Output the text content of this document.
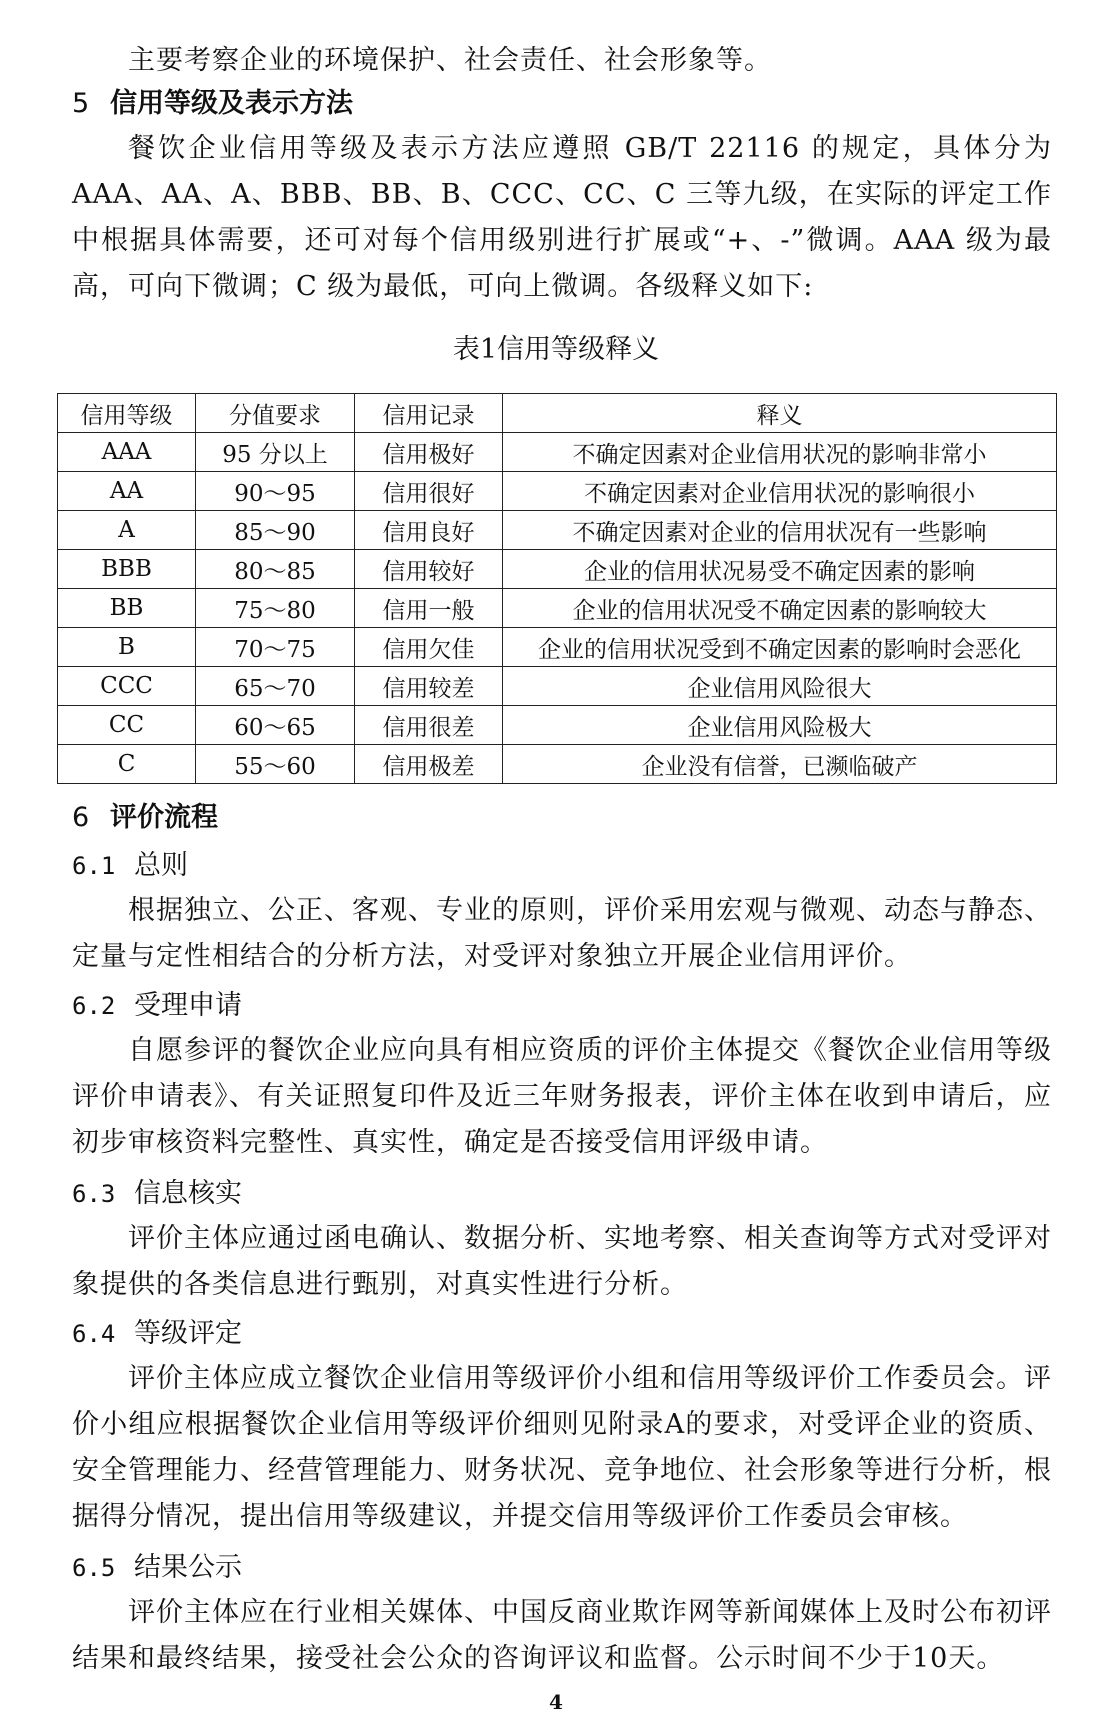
主要考察企业的环境保护、社会责任、社会形象等。

5 信用等级及表示方法

餐饮企业信用等级及表示方法应遵照 GB/T 22116 的规定，具体分为 AAA、AA、A、BBB、BB、B、CCC、CC、C 三等九级，在实际的评定工作中根据具体需要，还可对每个信用级别进行扩展或“+、-”微调。AAA 级为最高，可向下微调；C 级为最低，可向上微调。各级释义如下:

表1信用等级释义
信用等级	分值要求	信用记录	释义
AAA	95 分以上	信用极好	不确定因素对企业信用状况的影响非常小
AA	90～95	信用很好	不确定因素对企业信用状况的影响很小
A	85～90	信用良好	不确定因素对企业的信用状况有一些影响
BBB	80～85	信用较好	企业的信用状况易受不确定因素的影响
BB	75～80	信用一般	企业的信用状况受不确定因素的影响较大
B	70～75	信用欠佳	企业的信用状况受到不确定因素的影响时会恶化
CCC	65～70	信用较差	企业信用风险很大
CC	60～65	信用很差	企业信用风险极大
C	55～60	信用极差	企业没有信誉，已濒临破产
6 评价流程
6.1 总则

根据独立、公正、客观、专业的原则，评价采用宏观与微观、动态与静态、定量与定性相结合的分析方法，对受评对象独立开展企业信用评价。

6.2 受理申请

自愿参评的餐饮企业应向具有相应资质的评价主体提交《餐饮企业信用等级评价申请表》、有关证照复印件及近三年财务报表，评价主体在收到申请后，应初步审核资料完整性、真实性，确定是否接受信用评级申请。

6.3 信息核实

评价主体应通过函电确认、数据分析、实地考察、相关查询等方式对受评对象提供的各类信息进行甄别，对真实性进行分析。

6.4 等级评定

评价主体应成立餐饮企业信用等级评价小组和信用等级评价工作委员会。评价小组应根据餐饮企业信用等级评价细则见附录A的要求，对受评企业的资质、安全管理能力、经营管理能力、财务状况、竞争地位、社会形象等进行分析，根据得分情况，提出信用等级建议，并提交信用等级评价工作委员会审核。

6.5 结果公示

评价主体应在行业相关媒体、中国反商业欺诈网等新闻媒体上及时公布初评结果和最终结果，接受社会公众的咨询评议和监督。公示时间不少于10天。

4
